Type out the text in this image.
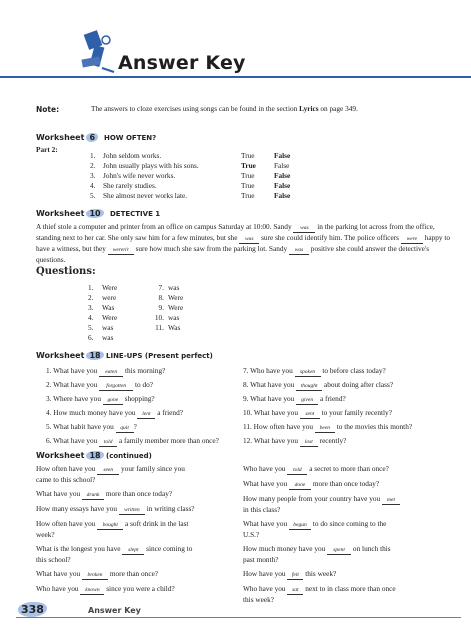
Answer Key
Note:	The answers to cloze exercises using songs can be found in the section Lyrics on page 349.
Worksheet 6	HOW OFTEN?
Part 2:
1.	John seldom works.	True	False
2.	John usually plays with his sons.	True	False
3.	John's wife never works.	True	False
4.	She rarely studies.	True	False
5.	She almost never works late.	True	False
Worksheet 10	DETECTIVE 1
A thief stole a computer and printer from an office on campus Saturday at 10:00. Sandy was in the parking lot across from the office, standing next to her car. She only saw him for a few minutes, but she was sure she could identify him. The police officers were happy to have a witness, but they weren't sure how much she saw from the parking lot. Sandy was positive she could answer the detective's questions.
Questions:
1.	Were
2.	were
3.	Was
4.	Were
5.	was
6.	was
7. was
8. Were
9. Were
10. was
11. Was
Worksheet 18 LINE-UPS (Present perfect)
1. What have you eaten this morning?
2. What have you forgotten to do?
3. Where have you gone shopping?
4. How much money have you lent a friend?
5. What habit have you quit ?
6. What have you told a family member more than once?
7. Who have you spoken to before class today?
8. What have you thought about doing after class?
9. What have you given a friend?
10. What have you sent to your family recently?
11. How often have you been to the movies this month?
12. What have you lost recently?
Worksheet 18 (continued)
How often have you seen your family since you
came to this school?
What have you drunk more than once today?
How many essays have you written in writing class?
How often have you bought a soft drink in the last
week?
What is the longest you have slept since coming to
this school?
What have you broken more than once?
Who have you known since you were a child?
Who have you told a secret to more than once?
What have you done more than once today?
How many people from your country have you met
in this class?
What have you begun to do since coming to the
U.S.?
How much money have you spent on lunch this
past month?
How have you felt this week?
Who have you sat next to in class more than once
this week?
338	Answer Key
